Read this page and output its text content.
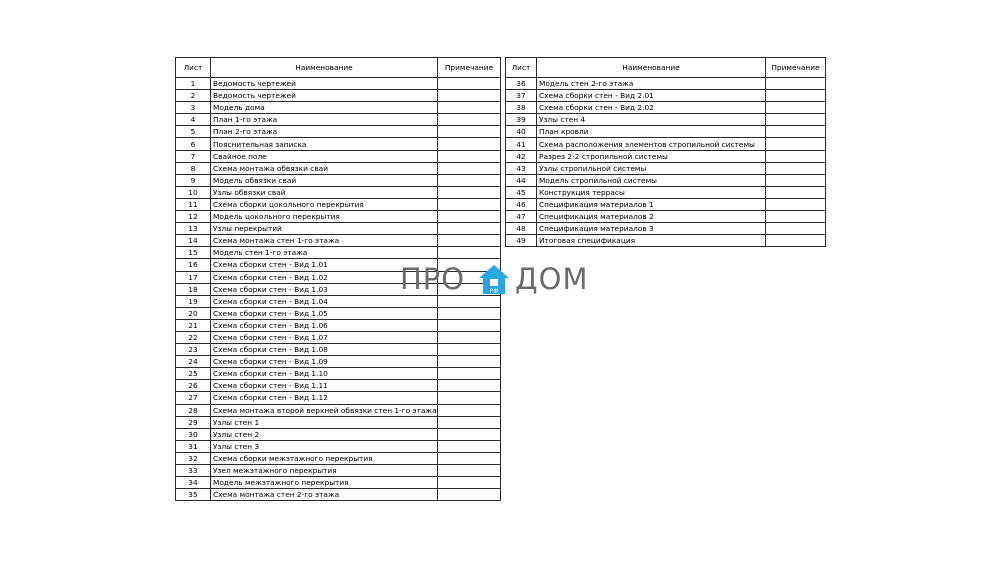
Лист	Наименование	Примечание
1	Ведомость чертежей	
2	Ведомость чертежей	
3	Модель дома	
4	План 1-го этажа	
5	План 2-го этажа	
6	Пояснительная записка	
7	Свайное поле	
8	Схема монтажа обвязки свай	
9	Модель обвязки свай	
10	Узлы обвязки свай	
11	Схема сборки цокольного перекрытия	
12	Модель цокольного перекрытия	
13	Узлы перекрытий	
14	Схема монтажа стен 1-го этажа	
15	Модель стен 1-го этажа	
16	Схема сборки стен - Вид 1.01	
17	Схема сборки стен - Вид 1.02	
18	Схема сборки стен - Вид 1.03	
19	Схема сборки стен - Вид 1.04	
20	Схема сборки стен - Вид 1.05	
21	Схема сборки стен - Вид 1.06	
22	Схема сборки стен - Вид 1.07	
23	Схема сборки стен - Вид 1.08	
24	Схема сборки стен - Вид 1.09	
25	Схема сборки стен - Вид 1.10	
26	Схема сборки стен - Вид 1.11	
27	Схема сборки стен - Вид 1.12	
28	Схема монтажа второй верхней обвязки стен 1-го этажа	
29	Узлы стен 1	
30	Узлы стен 2	
31	Узлы стен 3	
32	Схема сборки межэтажного перекрытия	
33	Узел межэтажного перекрытия	
34	Модель межэтажного перекрытия	
35	Схема монтажа стен 2-го этажа	
Лист	Наименование	Примечание
36	Модель стен 2-го этажа	
37	Схема сборки стен - Вид 2.01	
38	Схема сборки стен - Вид 2.02	
39	Узлы стен 4	
40	План кровли	
41	Схема расположения элементов стропильной системы	
42	Разрез 2-2 стропильной системы	
43	Узлы стропильной системы	
44	Модель стропильной системы	
45	Конструкция террасы	
46	Спецификация материалов 1	
47	Спецификация материалов 2	
48	Спецификация материалов 3	
49	Итоговая спецификация	
ПРО	РФ ДОМ
